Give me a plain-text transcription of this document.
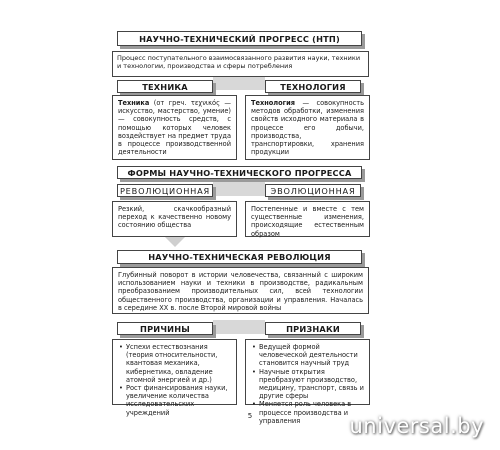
НАУЧНО-ТЕХНИЧЕСКИЙ ПРОГРЕСС (НТП)
Процесс поступательного взаимосвязанного развития науки, техники и технологии, производства и сферы потребления
ТЕХНИКА	ТЕХНОЛОГИЯ
Техника (от греч. τεχνικός — искусство, мастерство, умение) — совокупность средств, с помощью которых человек воздействует на предмет труда в процессе производственной деятельности
Технология — совокупность методов обработки, изменения свойств исходного материала в процессе его добычи, производства, транспортировки, хранения продукции
ФОРМЫ НАУЧНО-ТЕХНИЧЕСКОГО ПРОГРЕССА
РЕВОЛЮЦИОННАЯ	ЭВОЛЮЦИОННАЯ
Резкий, скачкообразный переход к качественно новому состоянию общества
Постепенные и вместе с тем существенные изменения, происходящие естественным образом
НАУЧНО-ТЕХНИЧЕСКАЯ РЕВОЛЮЦИЯ
Глубинный поворот в истории человечества, связанный с широким использованием науки и техники в производстве, радикальным преобразованием производительных сил, всей технологии общественного производства, организации и управления. Началась в середине XX в. после Второй мировой войны
ПРИЧИНЫ	ПРИЗНАКИ
• Успехи естествознания (теория относительности, квантовая механика, кибернетика, овладение атомной энергией и др.)
• Рост финансирования науки, увеличение количества исследовательских учреждений
• Ведущей формой человеческой деятельности становится научный труд
• Научные открытия преобразуют производство, медицину, транспорт, связь и другие сферы
• Меняется роль человека в процессе производства и управления
5	universal.by
